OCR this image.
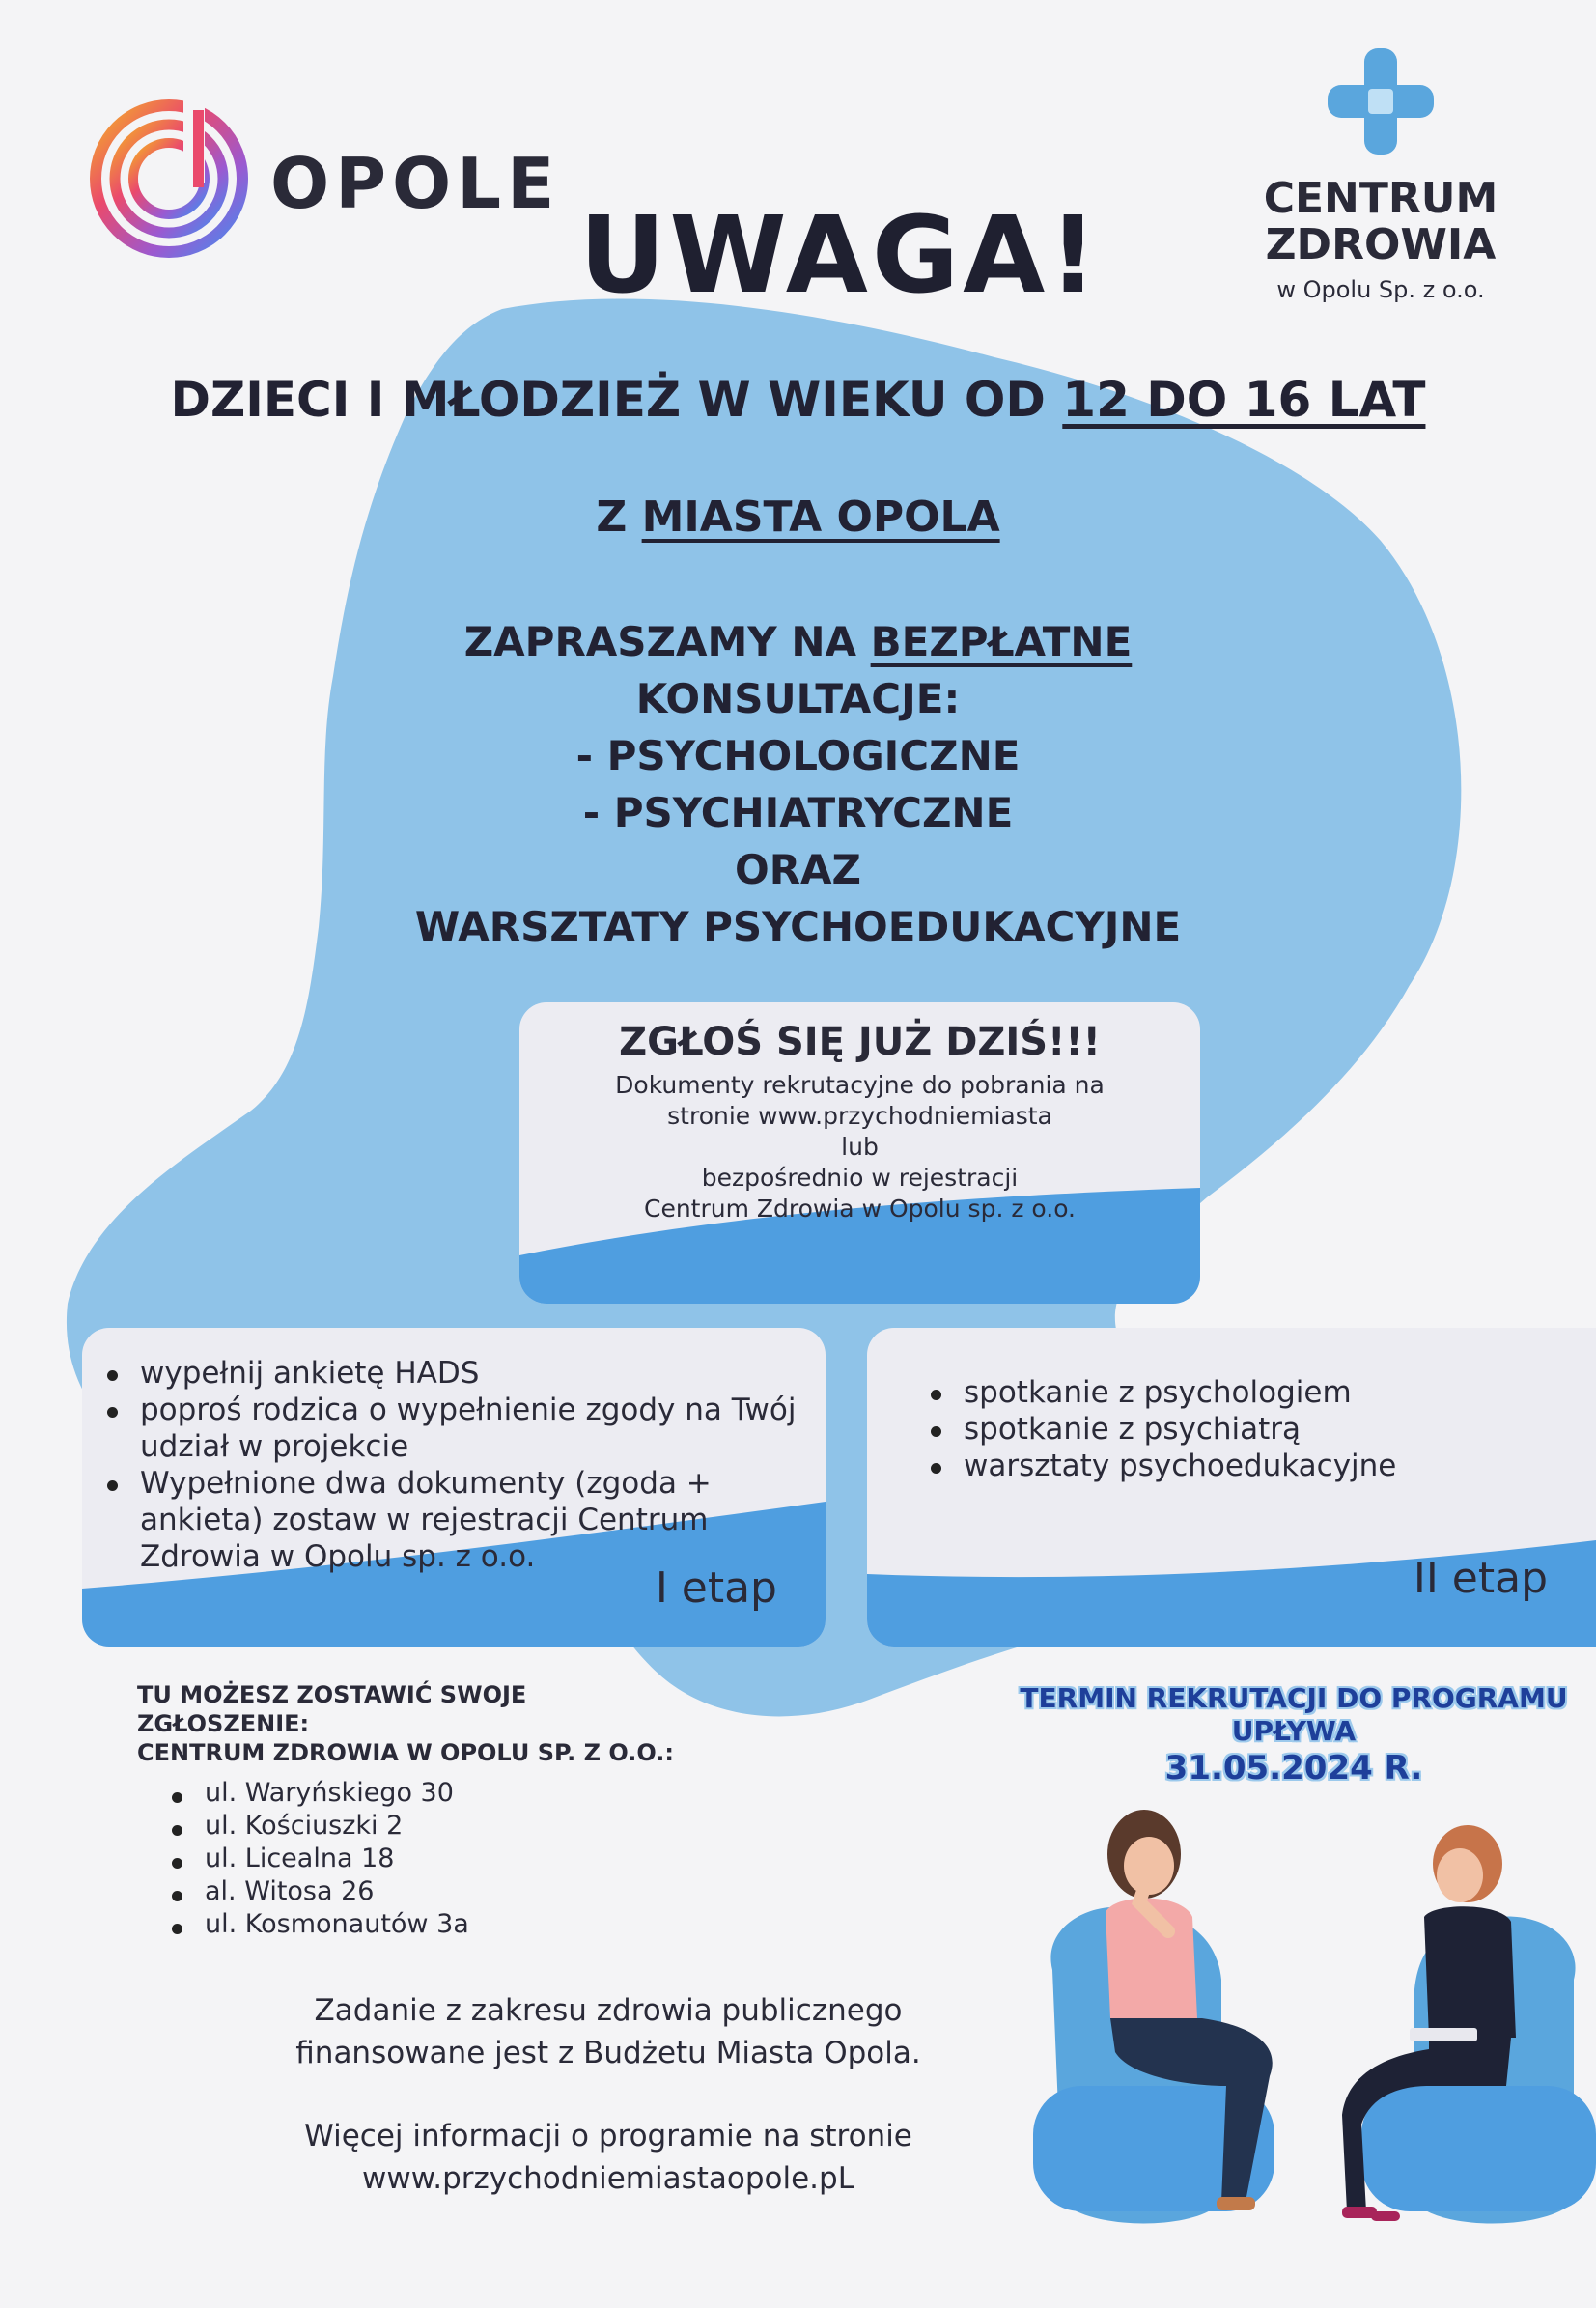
OPOLE	CENTRUM
ZDROWIA
w Opolu Sp. z o.o.
UWAGA!
DZIECI I MŁODZIEŻ W WIEKU OD 12 DO 16 LAT
Z MIASTA OPOLA
ZAPRASZAMY NA BEZPŁATNE
KONSULTACJE:
- PSYCHOLOGICZNE
- PSYCHIATRYCZNE
ORAZ
WARSZTATY PSYCHOEDUKACYJNE
ZGŁOŚ SIĘ JUŻ DZIŚ!!!
Dokumenty rekrutacyjne do pobrania na
stronie www.przychodniemiasta
lub
bezpośrednio w rejestracji
Centrum Zdrowia w Opolu sp. z o.o.
wypełnij ankietę HADS
poproś rodzica o wypełnienie zgody na Twój udział w projekcie
Wypełnione dwa dokumenty (zgoda + ankieta) zostaw w rejestracji Centrum Zdrowia w Opolu sp. z o.o.
I etap
spotkanie z psychologiem
spotkanie z psychiatrą
warsztaty psychoedukacyjne
II etap
TU MOŻESZ ZOSTAWIĆ SWOJE
ZGŁOSZENIE:
CENTRUM ZDROWIA W OPOLU SP. Z O.O.:
ul. Waryńskiego 30
ul. Kościuszki 2
ul. Licealna 18
al. Witosa 26
ul. Kosmonautów 3a
TERMIN REKRUTACJI DO PROGRAMU
UPŁYWA
31.05.2024 R.
Zadanie z zakresu zdrowia publicznego
finansowane jest z Budżetu Miasta Opola.
Więcej informacji o programie na stronie
www.przychodniemiastaopole.pL
